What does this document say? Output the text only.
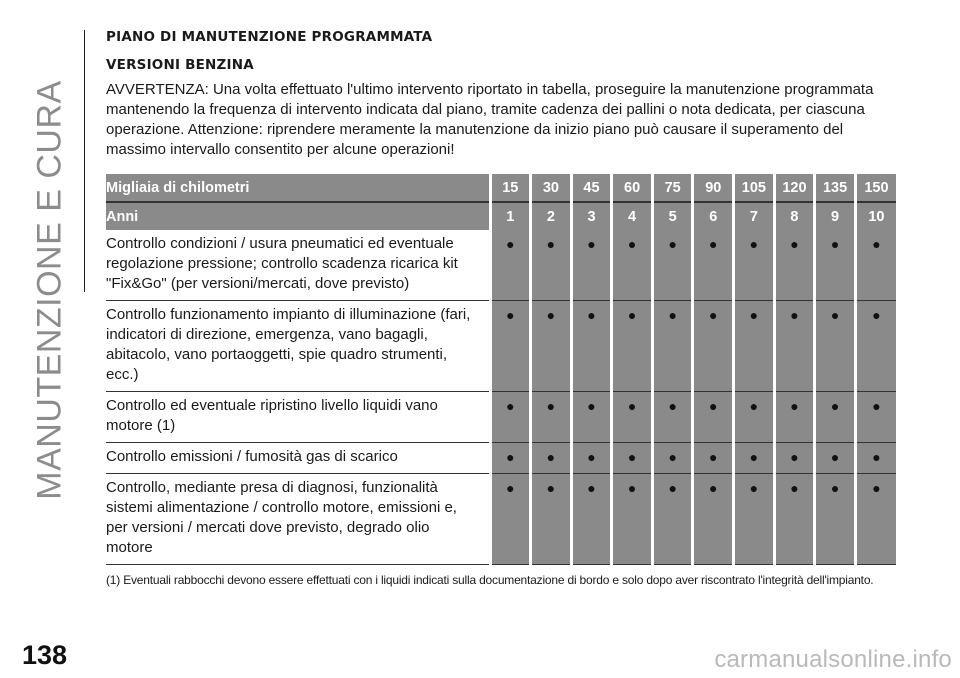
MANUTENZIONE E CURA
138	carmanualsonline.info
PIANO DI MANUTENZIONE PROGRAMMATA
VERSIONI BENZINA

AVVERTENZA: Una volta effettuato l'ultimo intervento riportato in tabella, proseguire la manutenzione programmata mantenendo la frequenza di intervento indicata dal piano, tramite cadenza dei pallini o nota dedicata, per ciascuna operazione. Attenzione: riprendere meramente la manutenzione da inizio piano può causare il superamento del massimo intervallo consentito per alcune operazioni!

Migliaia di chilometri	15	30	45	60	75	90	105	120	135	150
Anni	1	2	3	4	5	6	7	8	9	10
Controllo condizioni / usura pneumatici ed eventuale regolazione pressione; controllo scadenza ricarica kit "Fix&Go" (per versioni/mercati, dove previsto)	●	●	●	●	●	●	●	●	●	●
Controllo funzionamento impianto di illuminazione (fari, indicatori di direzione, emergenza, vano bagagli, abitacolo, vano portaoggetti, spie quadro strumenti, ecc.)	●	●	●	●	●	●	●	●	●	●
Controllo ed eventuale ripristino livello liquidi vano motore (1)	●	●	●	●	●	●	●	●	●	●
Controllo emissioni / fumosità gas di scarico	●	●	●	●	●	●	●	●	●	●
Controllo, mediante presa di diagnosi, funzionalità sistemi alimentazione / controllo motore, emissioni e, per versioni / mercati dove previsto, degrado olio motore	●	●	●	●	●	●	●	●	●	●
(1) Eventuali rabbocchi devono essere effettuati con i liquidi indicati sulla documentazione di bordo e solo dopo aver riscontrato l'integrità dell'impianto.
